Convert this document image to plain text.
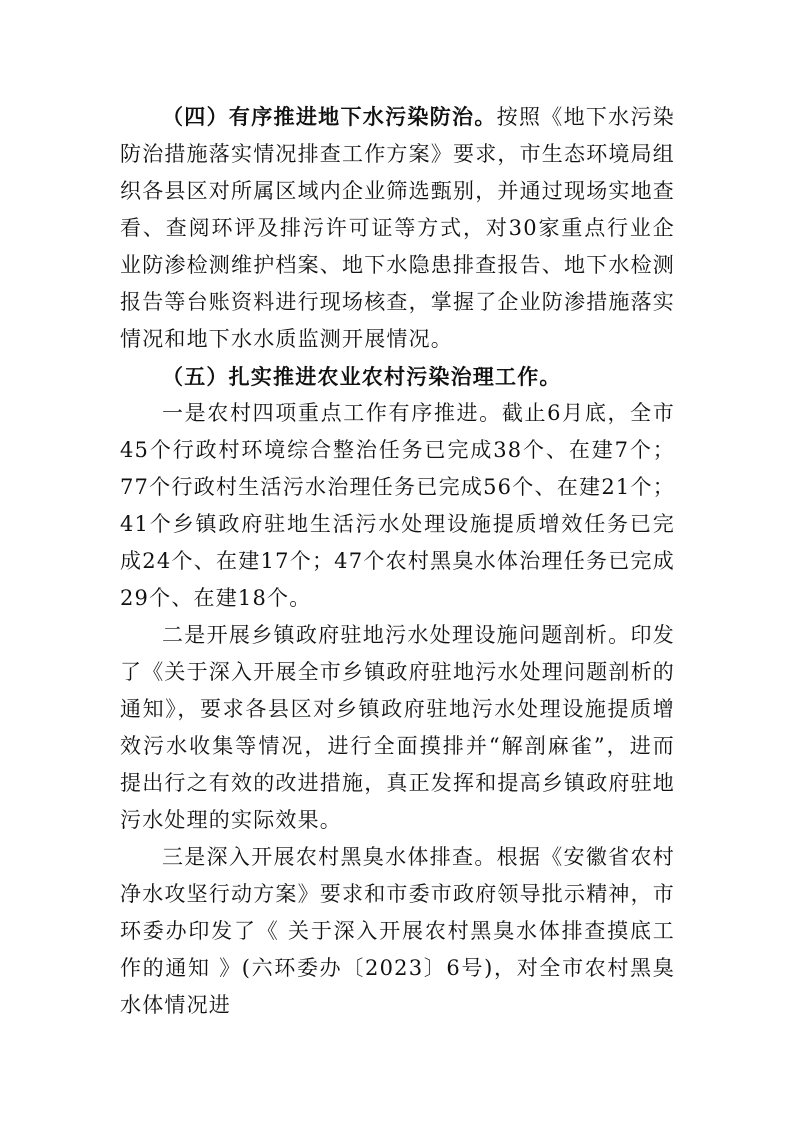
（四）有序推进地下水污染防治。按照《地下水污染防治措施落实情况排查工作方案》要求，市生态环境局组织各县区对所属区域内企业筛选甄别，并通过现场实地查看、查阅环评及排污许可证等方式，对30家重点行业企业防渗检测维护档案、地下水隐患排查报告、地下水检测报告等台账资料进行现场核查，掌握了企业防渗措施落实情况和地下水水质监测开展情况。

（五）扎实推进农业农村污染治理工作。

一是农村四项重点工作有序推进。截止6月底，全市45个行政村环境综合整治任务已完成38个、在建7个；77个行政村生活污水治理任务已完成56个、在建21个；41个乡镇政府驻地生活污水处理设施提质增效任务已完成24个、在建17个；47个农村黑臭水体治理任务已完成29个、在建18个。

二是开展乡镇政府驻地污水处理设施问题剖析。印发了《关于深入开展全市乡镇政府驻地污水处理问题剖析的通知》，要求各县区对乡镇政府驻地污水处理设施提质增效污水收集等情况，进行全面摸排并“解剖麻雀”，进而提出行之有效的改进措施，真正发挥和提高乡镇政府驻地污水处理的实际效果。

三是深入开展农村黑臭水体排查。根据《安徽省农村净水攻坚行动方案》要求和市委市政府领导批示精神，市环委办印发了《 关于深入开展农村黑臭水体排查摸底工作的通知 》(六环委办〔2023〕6号)，对全市农村黑臭水体情况进
